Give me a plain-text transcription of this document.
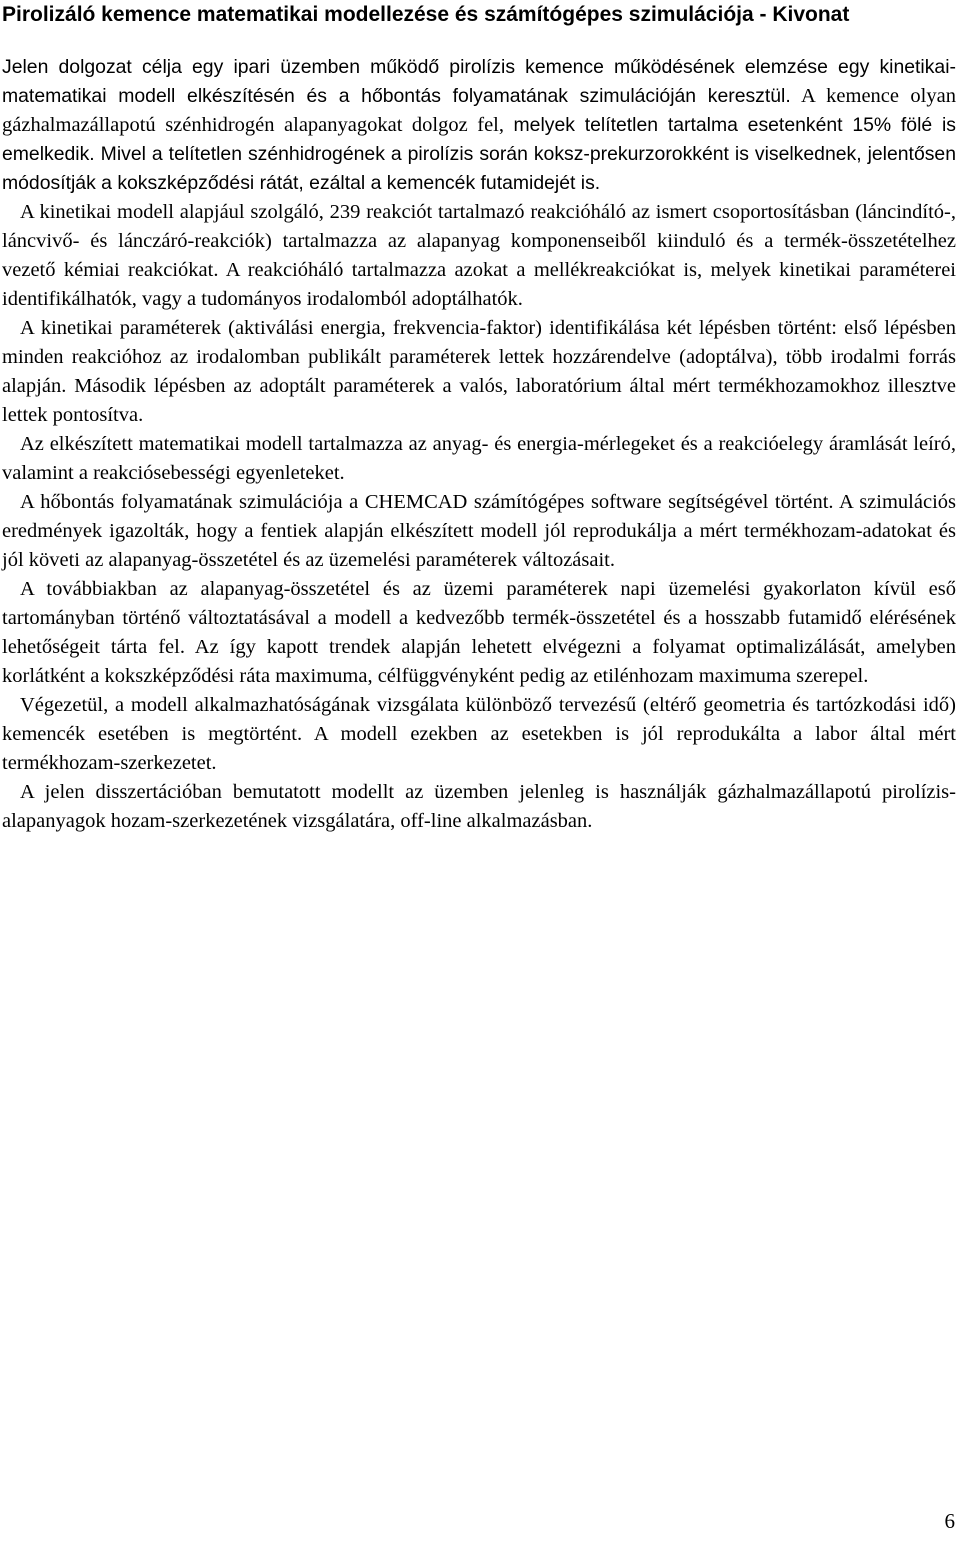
Pirolizáló kemence matematikai modellezése és számítógépes szimulációja - Kivonat

Jelen dolgozat célja egy ipari üzemben működő pirolízis kemence működésének elemzése egy kinetikai-matematikai modell elkészítésén és a hőbontás folyamatának szimulációján keresztül. A kemence olyan gázhalmazállapotú szénhidrogén alapanyagokat dolgoz fel, melyek telítetlen tartalma esetenként 15% fölé is emelkedik. Mivel a telítetlen szénhidrogének a pirolízis során koksz-prekurzorokként is viselkednek, jelentősen módosítják a kokszképződési rátát, ezáltal a kemencék futamidejét is.

A kinetikai modell alapjául szolgáló, 239 reakciót tartalmazó reakcióháló az ismert csoportosításban (láncindító-, láncvivő- és lánczáró-reakciók) tartalmazza az alapanyag komponenseiből kiinduló és a termék-összetételhez vezető kémiai reakciókat. A reakcióháló tartalmazza azokat a mellékreakciókat is, melyek kinetikai paraméterei identifikálhatók, vagy a tudományos irodalomból adoptálhatók.

A kinetikai paraméterek (aktiválási energia, frekvencia-faktor) identifikálása két lépésben történt: első lépésben minden reakcióhoz az irodalomban publikált paraméterek lettek hozzárendelve (adoptálva), több irodalmi forrás alapján. Második lépésben az adoptált paraméterek a valós, laboratórium által mért termékhozamokhoz illesztve lettek pontosítva.

Az elkészített matematikai modell tartalmazza az anyag- és energia-mérlegeket és a reakcióelegy áramlását leíró, valamint a reakciósebességi egyenleteket.

A hőbontás folyamatának szimulációja a CHEMCAD számítógépes software segítségével történt. A szimulációs eredmények igazolták, hogy a fentiek alapján elkészített modell jól reprodukálja a mért termékhozam-adatokat és jól követi az alapanyag-összetétel és az üzemelési paraméterek változásait.

A továbbiakban az alapanyag-összetétel és az üzemi paraméterek napi üzemelési gyakorlaton kívül eső tartományban történő változtatásával a modell a kedvezőbb termék-összetétel és a hosszabb futamidő elérésének lehetőségeit tárta fel. Az így kapott trendek alapján lehetett elvégezni a folyamat optimalizálását, amelyben korlátként a kokszképződési ráta maximuma, célfüggvényként pedig az etilénhozam maximuma szerepel.

Végezetül, a modell alkalmazhatóságának vizsgálata különböző tervezésű (eltérő geometria és tartózkodási idő) kemencék esetében is megtörtént. A modell ezekben az esetekben is jól reprodukálta a labor által mért termékhozam-szerkezetet.

A jelen disszertációban bemutatott modellt az üzemben jelenleg is használják gázhalmazállapotú pirolízis-alapanyagok hozam-szerkezetének vizsgálatára, off-line alkalmazásban.

6
